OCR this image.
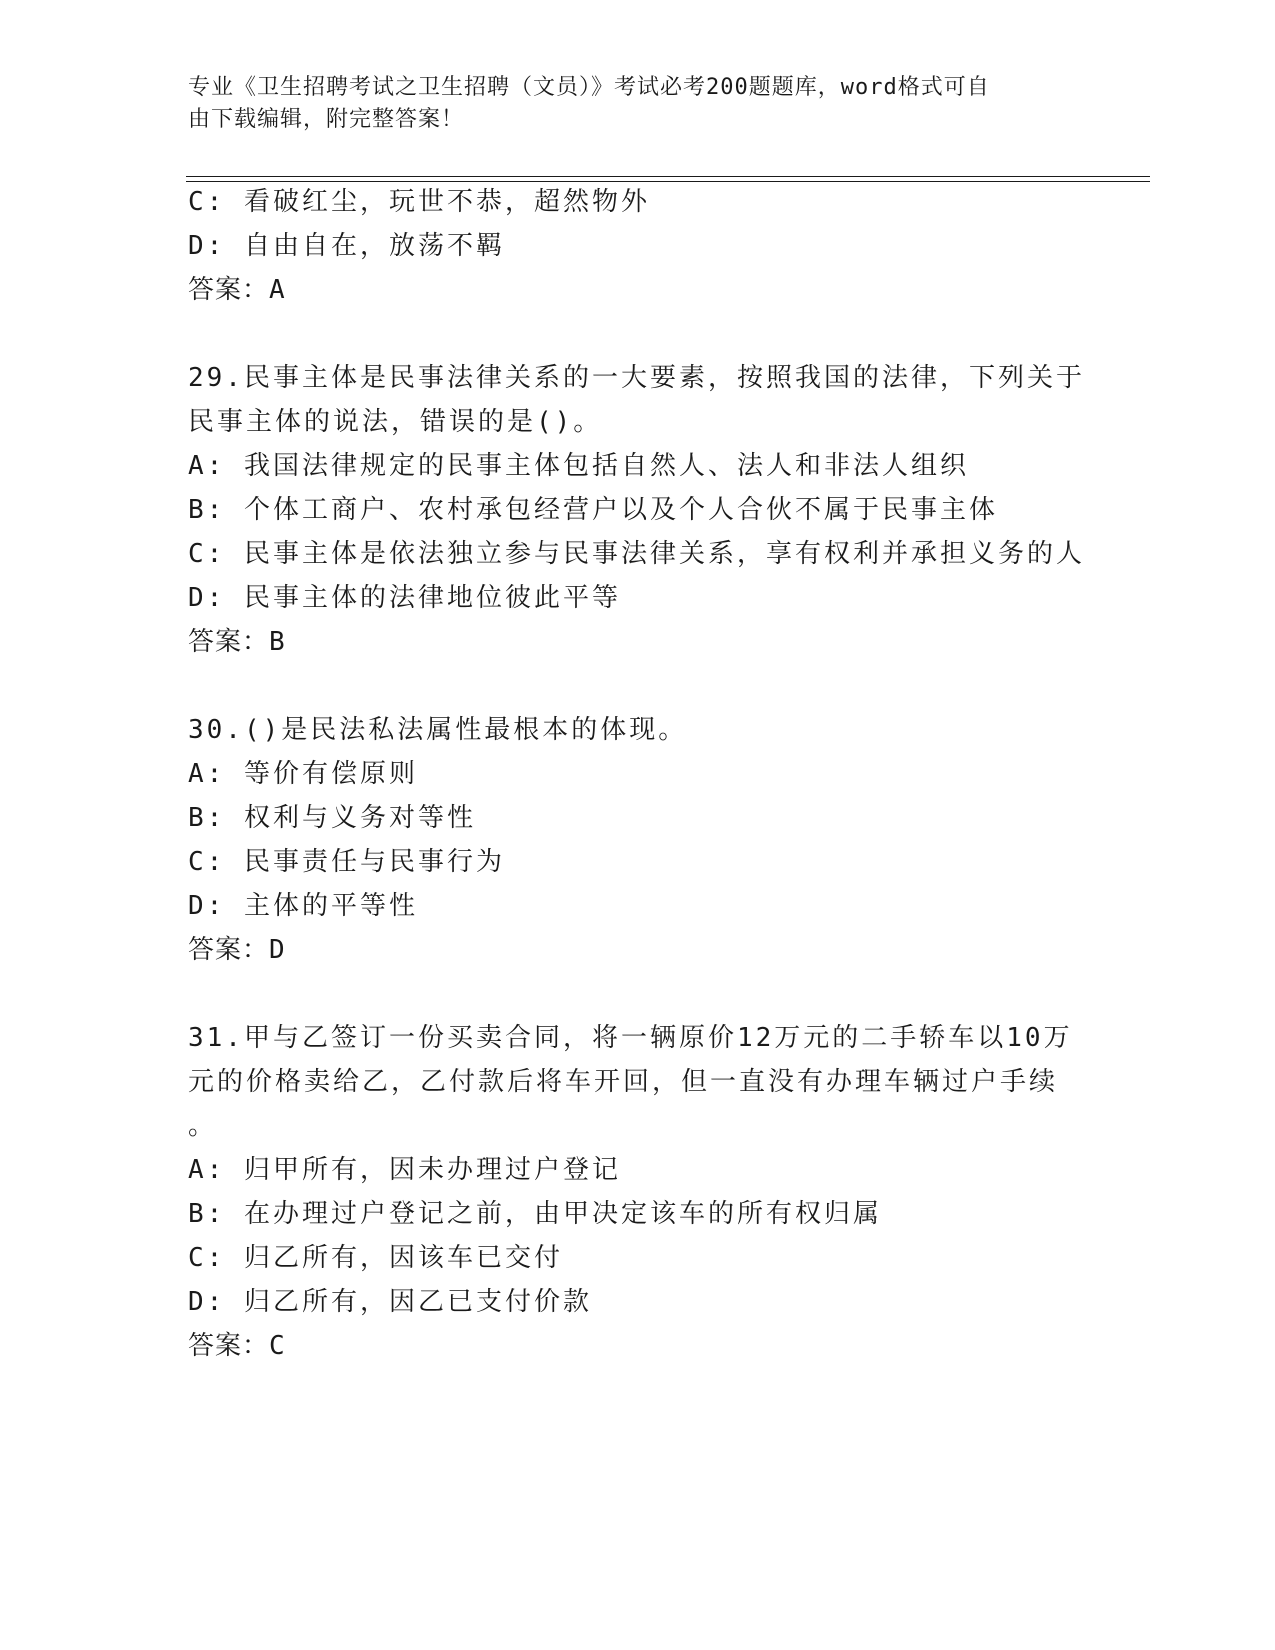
专业《卫生招聘考试之卫生招聘（文员）》考试必考200题题库，word格式可自
由下载编辑，附完整答案！
C: 看破红尘，玩世不恭，超然物外
D: 自由自在，放荡不羁
答案：A
29.民事主体是民事法律关系的一大要素，按照我国的法律，下列关于
民事主体的说法，错误的是()。
A: 我国法律规定的民事主体包括自然人、法人和非法人组织
B: 个体工商户、农村承包经营户以及个人合伙不属于民事主体
C: 民事主体是依法独立参与民事法律关系，享有权利并承担义务的人
D: 民事主体的法律地位彼此平等
答案：B
30.()是民法私法属性最根本的体现。
A: 等价有偿原则
B: 权利与义务对等性
C: 民事责任与民事行为
D: 主体的平等性
答案：D
31.甲与乙签订一份买卖合同，将一辆原价12万元的二手轿车以10万
元的价格卖给乙，乙付款后将车开回，但一直没有办理车辆过户手续
。
A: 归甲所有，因未办理过户登记
B: 在办理过户登记之前，由甲决定该车的所有权归属
C: 归乙所有，因该车已交付
D: 归乙所有，因乙已支付价款
答案：C
